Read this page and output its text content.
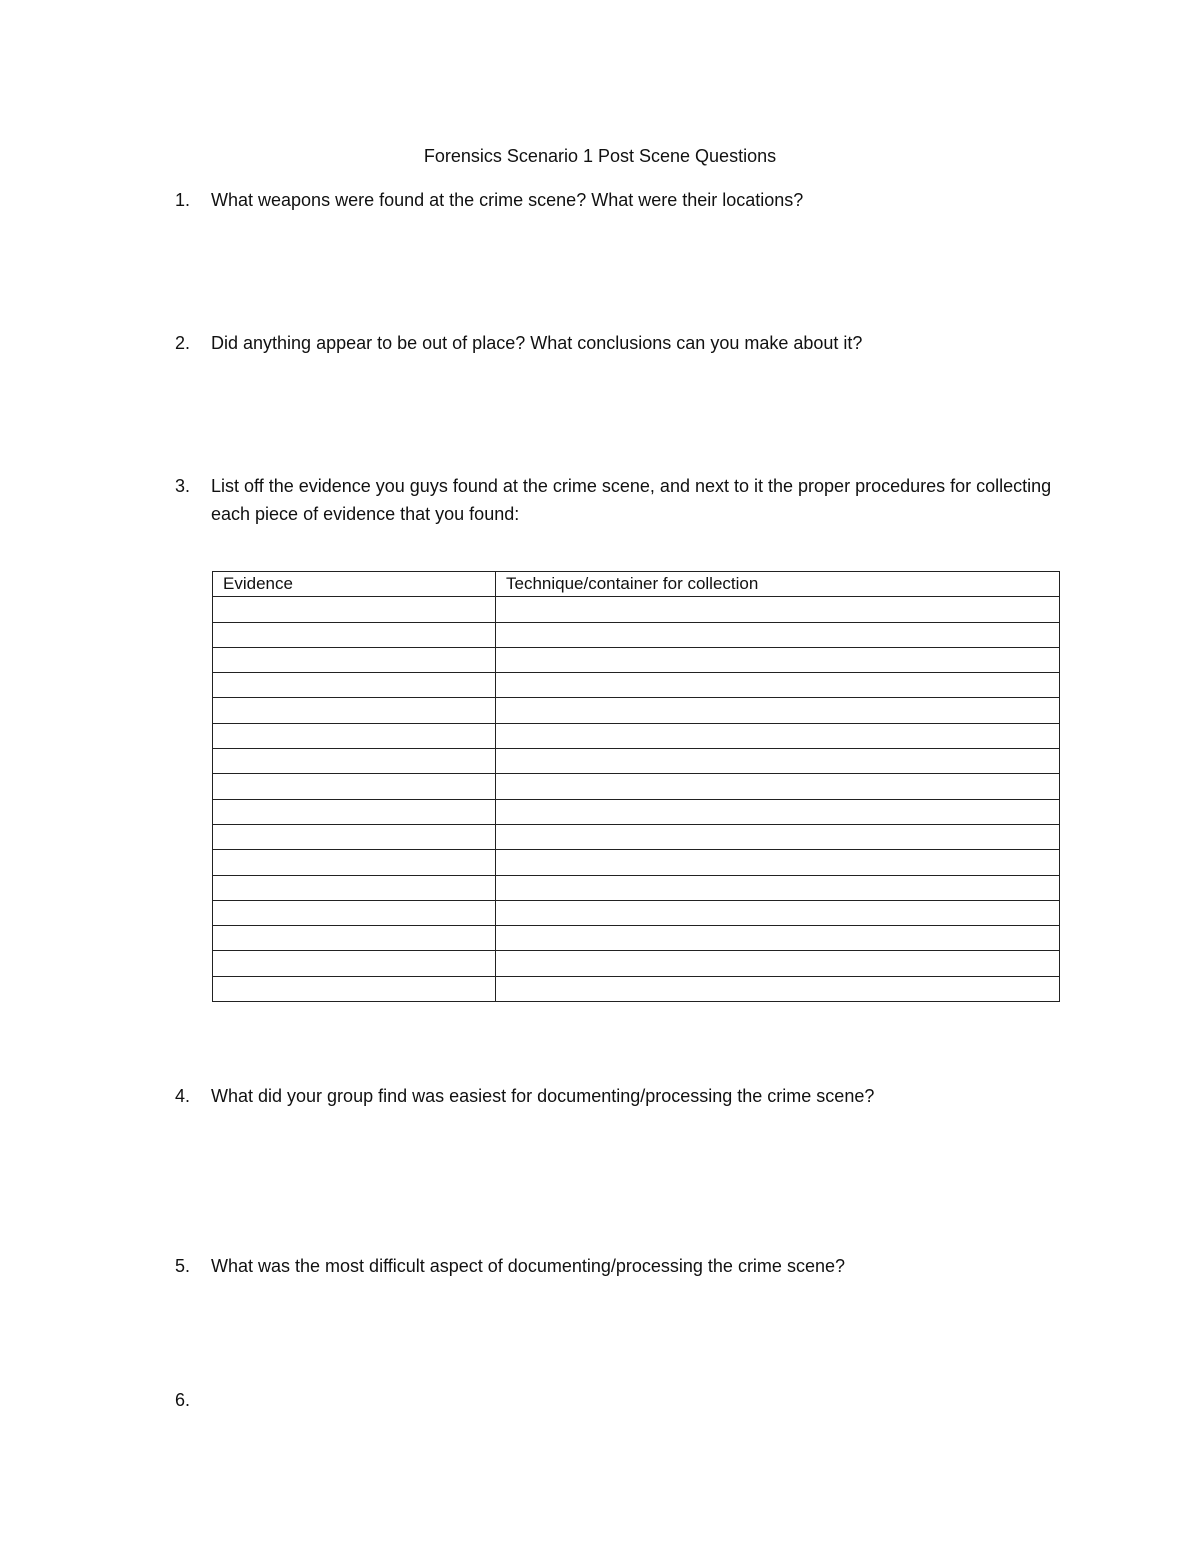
Forensics Scenario 1 Post Scene Questions
1.	What weapons were found at the crime scene? What were their locations?
2.	Did anything appear to be out of place? What conclusions can you make about it?
3.	List off the evidence you guys found at the crime scene, and next to it the proper procedures for collecting each piece of evidence that you found:
Evidence	Technique/container for collection

4.	What did your group find was easiest for documenting/processing the crime scene?
5.	What was the most difficult aspect of documenting/processing the crime scene?
6.
